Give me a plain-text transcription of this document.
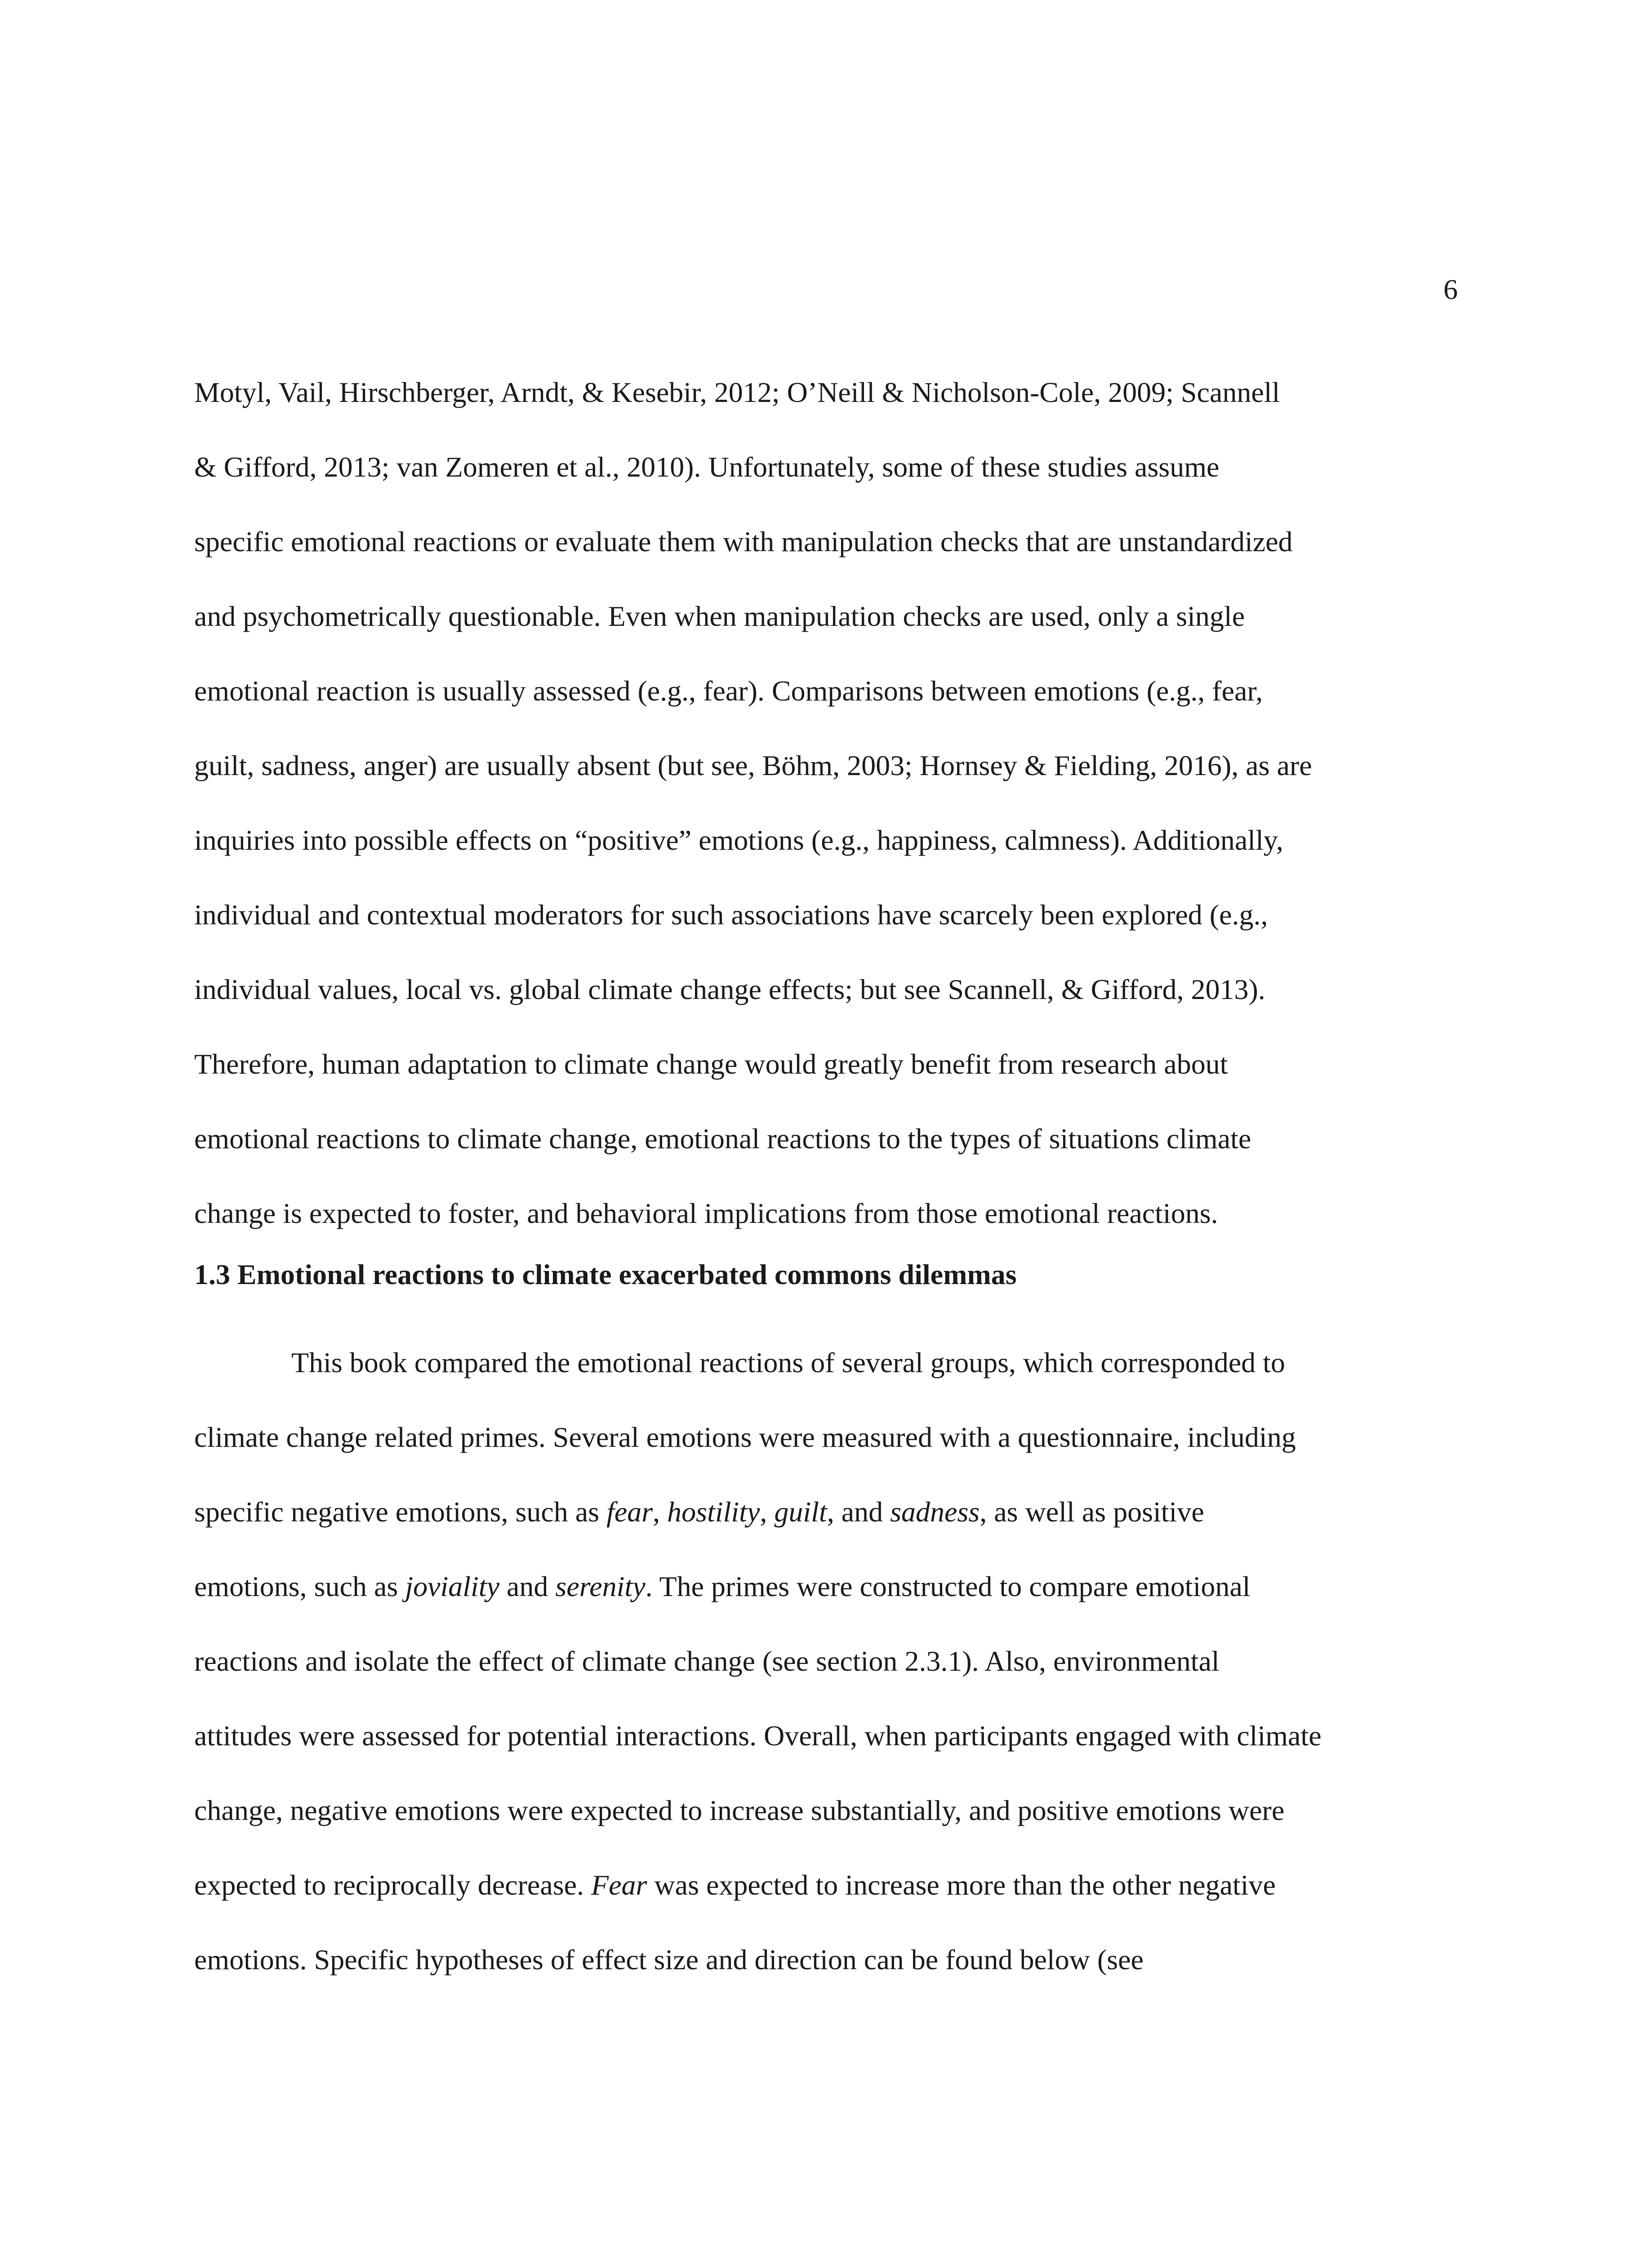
6

Motyl, Vail, Hirschberger, Arndt, & Kesebir, 2012; O’Neill & Nicholson-Cole, 2009; Scannell
& Gifford, 2013; van Zomeren et al., 2010). Unfortunately, some of these studies assume
specific emotional reactions or evaluate them with manipulation checks that are unstandardized
and psychometrically questionable. Even when manipulation checks are used, only a single
emotional reaction is usually assessed (e.g., fear). Comparisons between emotions (e.g., fear,
guilt, sadness, anger) are usually absent (but see, Böhm, 2003; Hornsey & Fielding, 2016), as are
inquiries into possible effects on “positive” emotions (e.g., happiness, calmness). Additionally,
individual and contextual moderators for such associations have scarcely been explored (e.g.,
individual values, local vs. global climate change effects; but see Scannell, & Gifford, 2013).
Therefore, human adaptation to climate change would greatly benefit from research about
emotional reactions to climate change, emotional reactions to the types of situations climate
change is expected to foster, and behavioral implications from those emotional reactions.
1.3 Emotional reactions to climate exacerbated commons dilemmas
This book compared the emotional reactions of several groups, which corresponded to
climate change related primes. Several emotions were measured with a questionnaire, including
specific negative emotions, such as fear, hostility, guilt, and sadness, as well as positive
emotions, such as joviality and serenity. The primes were constructed to compare emotional
reactions and isolate the effect of climate change (see section 2.3.1). Also, environmental
attitudes were assessed for potential interactions. Overall, when participants engaged with climate
change, negative emotions were expected to increase substantially, and positive emotions were
expected to reciprocally decrease. Fear was expected to increase more than the other negative
emotions. Specific hypotheses of effect size and direction can be found below (see
